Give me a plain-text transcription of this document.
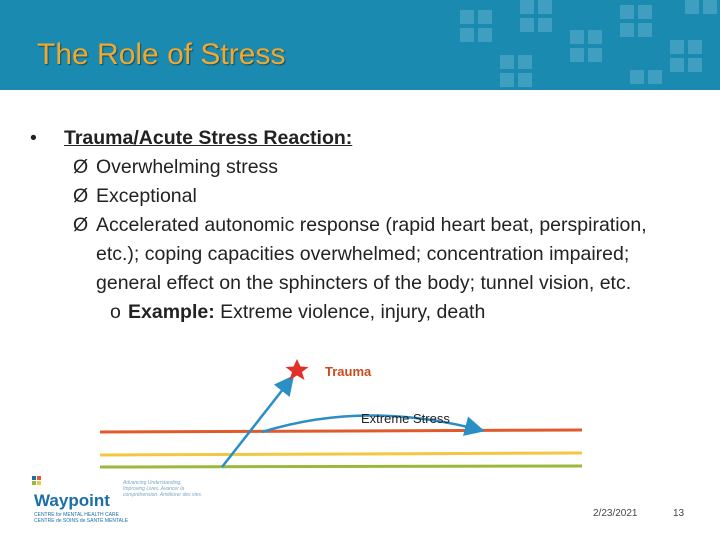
The Role of Stress
• Trauma/Acute Stress Reaction:
Ø Overwhelming stress
Ø Exceptional
Ø Accelerated autonomic response (rapid heart beat, perspiration, etc.); coping capacities overwhelmed; concentration impaired; general effect on the sphincters of the body; tunnel vision, etc.
o Example: Extreme violence, injury, death
Trauma
Extreme Stress
Waypoint
CENTRE for MENTAL HEALTH CARE
CENTRE de SOINS de SANTÉ MENTALE
Advancing Understanding. Improving Lives. Avancer la compréhension. Améliorer des vies.
2/23/2021	13
